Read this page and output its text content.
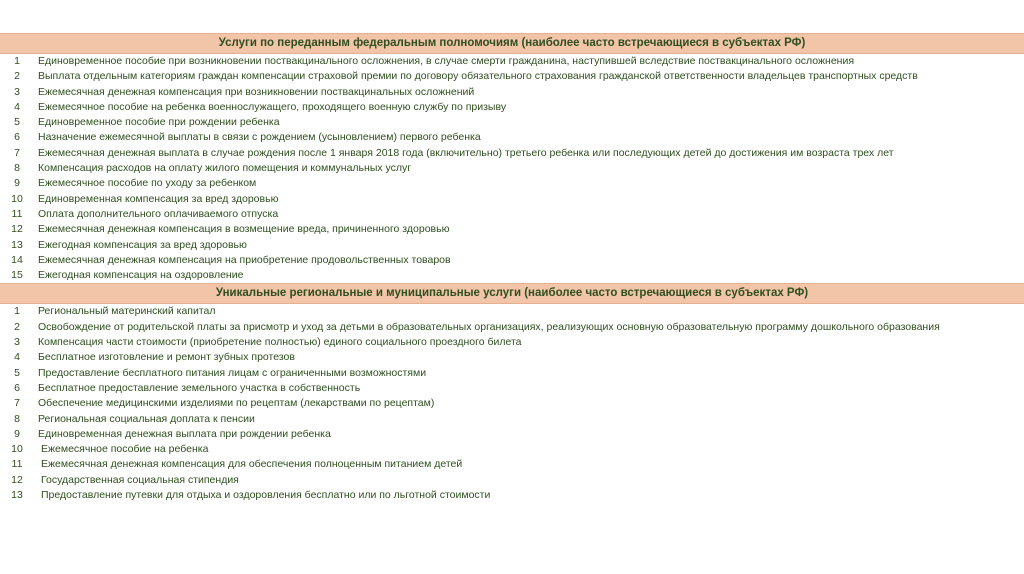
Услуги по переданным федеральным полномочиям (наиболее часто встречающиеся в субъектах РФ)
1	Единовременное пособие при возникновении поствакцинального осложнения, в случае смерти гражданина, наступившей вследствие поствакцинального осложнения
2	Выплата отдельным категориям граждан компенсации страховой премии по договору обязательного страхования гражданской ответственности владельцев транспортных средств
3	Ежемесячная денежная компенсация при возникновении поствакцинальных осложнений
4	Ежемесячное пособие на ребенка военнослужащего, проходящего военную службу по призыву
5	Единовременное пособие при рождении ребенка
6	Назначение ежемесячной выплаты в связи с рождением (усыновлением) первого ребенка
7	Ежемесячная денежная выплата в случае рождения после 1 января 2018 года (включительно) третьего ребенка или последующих детей до достижения им возраста трех лет
8	Компенсация расходов на оплату жилого помещения и коммунальных услуг
9	Ежемесячное пособие по уходу за ребенком
10	Единовременная компенсация за вред здоровью
11	Оплата дополнительного оплачиваемого отпуска
12	Ежемесячная денежная компенсация в возмещение вреда, причиненного здоровью
13	Ежегодная компенсация за вред здоровью
14	Ежемесячная денежная компенсация на приобретение продовольственных товаров
15	Ежегодная компенсация на оздоровление
Уникальные региональные и муниципальные услуги (наиболее часто встречающиеся в субъектах РФ)
1	Региональный материнский капитал
2	Освобождение от родительской платы за присмотр и уход за детьми в образовательных организациях, реализующих основную образовательную программу дошкольного образования
3	Компенсация части стоимости (приобретение полностью) единого социального проездного билета
4	Бесплатное изготовление и ремонт зубных протезов
5	Предоставление бесплатного питания лицам с ограниченными возможностями
6	Бесплатное предоставление земельного участка в собственность
7	Обеспечение медицинскими изделиями по рецептам (лекарствами по рецептам)
8	Региональная социальная доплата к пенсии
9	Единовременная денежная выплата при рождении ребенка
10	Ежемесячное пособие на ребенка
11	Ежемесячная денежная компенсация для обеспечения полноценным питанием детей
12	Государственная социальная стипендия
13	Предоставление путевки для отдыха и оздоровления бесплатно или по льготной стоимости
